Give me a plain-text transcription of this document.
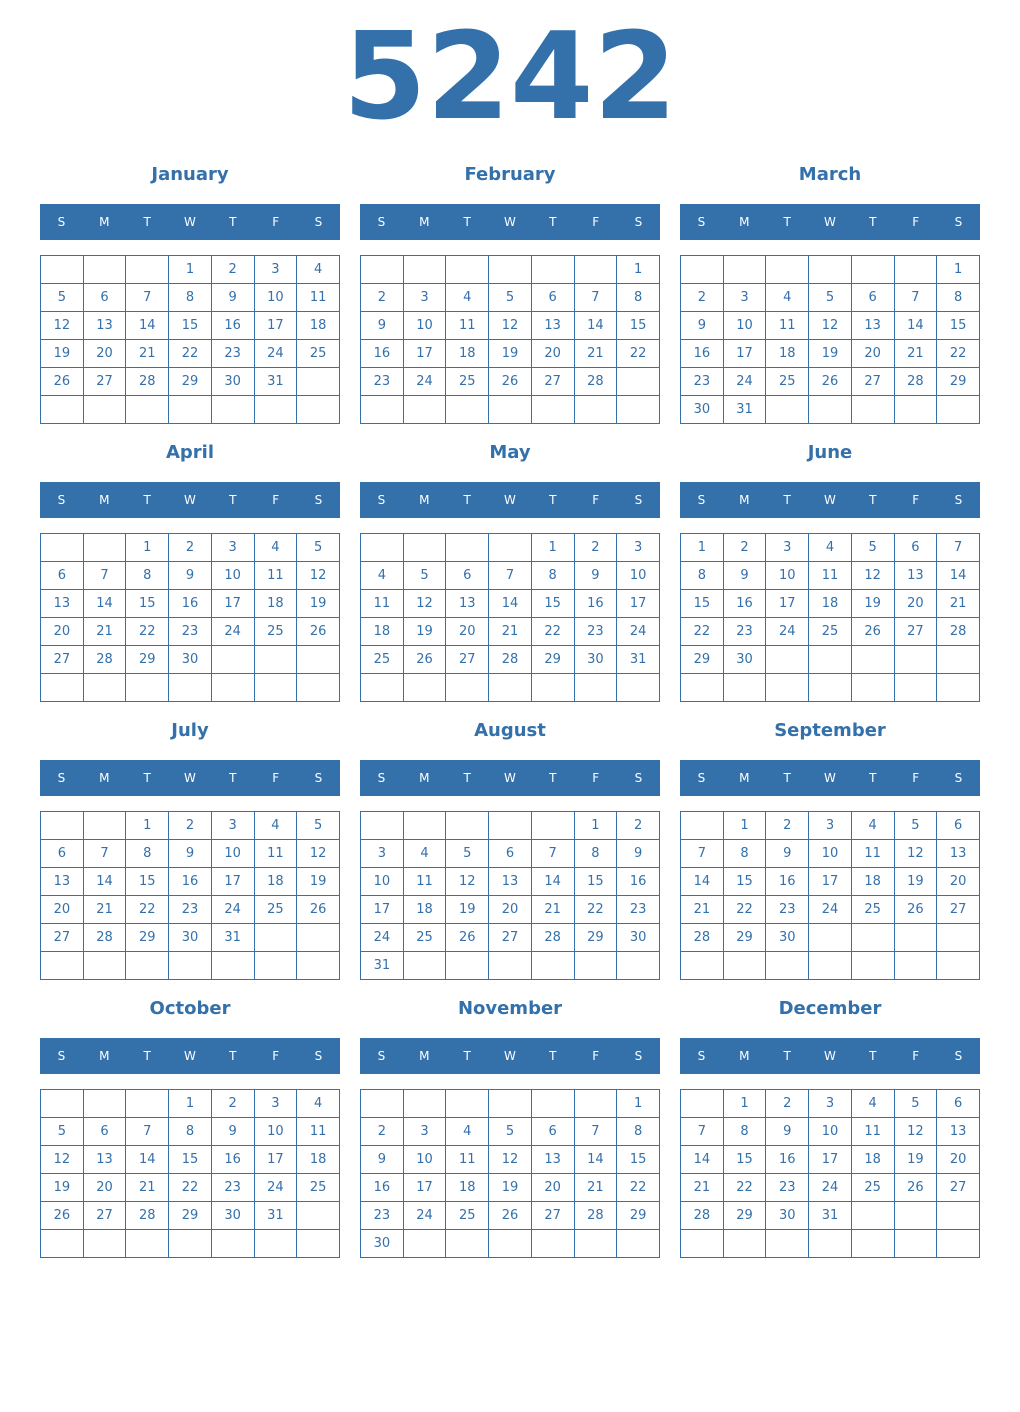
5242
January
S	M	T	W	T	F	S
			1	2	3	4
5	6	7	8	9	10	11
12	13	14	15	16	17	18
19	20	21	22	23	24	25
26	27	28	29	30	31	

February
S	M	T	W	T	F	S
						1
2	3	4	5	6	7	8
9	10	11	12	13	14	15
16	17	18	19	20	21	22
23	24	25	26	27	28	

March
S	M	T	W	T	F	S
						1
2	3	4	5	6	7	8
9	10	11	12	13	14	15
16	17	18	19	20	21	22
23	24	25	26	27	28	29
30	31					
April
S	M	T	W	T	F	S
		1	2	3	4	5
6	7	8	9	10	11	12
13	14	15	16	17	18	19
20	21	22	23	24	25	26
27	28	29	30			

May
S	M	T	W	T	F	S
				1	2	3
4	5	6	7	8	9	10
11	12	13	14	15	16	17
18	19	20	21	22	23	24
25	26	27	28	29	30	31

June
S	M	T	W	T	F	S
1	2	3	4	5	6	7
8	9	10	11	12	13	14
15	16	17	18	19	20	21
22	23	24	25	26	27	28
29	30					

July
S	M	T	W	T	F	S
		1	2	3	4	5
6	7	8	9	10	11	12
13	14	15	16	17	18	19
20	21	22	23	24	25	26
27	28	29	30	31		

August
S	M	T	W	T	F	S
					1	2
3	4	5	6	7	8	9
10	11	12	13	14	15	16
17	18	19	20	21	22	23
24	25	26	27	28	29	30
31						
September
S	M	T	W	T	F	S
	1	2	3	4	5	6
7	8	9	10	11	12	13
14	15	16	17	18	19	20
21	22	23	24	25	26	27
28	29	30				

October
S	M	T	W	T	F	S
			1	2	3	4
5	6	7	8	9	10	11
12	13	14	15	16	17	18
19	20	21	22	23	24	25
26	27	28	29	30	31	

November
S	M	T	W	T	F	S
						1
2	3	4	5	6	7	8
9	10	11	12	13	14	15
16	17	18	19	20	21	22
23	24	25	26	27	28	29
30						
December
S	M	T	W	T	F	S
	1	2	3	4	5	6
7	8	9	10	11	12	13
14	15	16	17	18	19	20
21	22	23	24	25	26	27
28	29	30	31			
